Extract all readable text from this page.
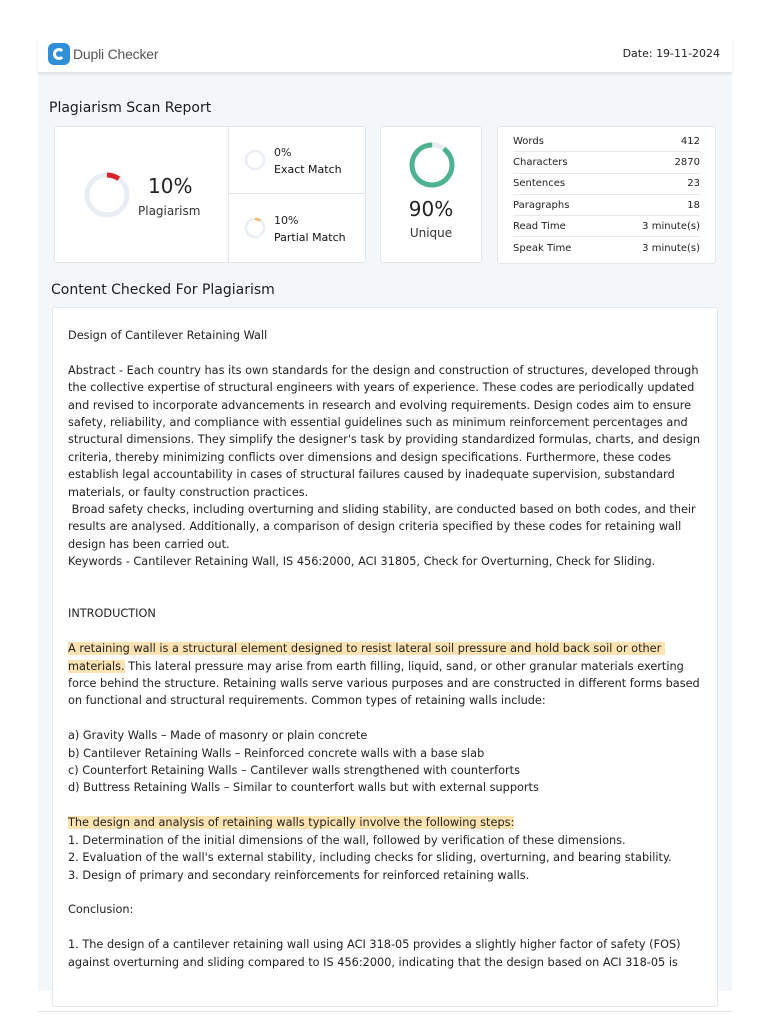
Dupli Checker	Date: 19-11-2024
Plagiarism Scan Report
10%
Plagiarism
0%
Exact Match
10%
Partial Match
90%
Unique
Words	412
Characters	2870
Sentences	23
Paragraphs	18
Read Time	3 minute(s)
Speak Time	3 minute(s)
Content Checked For Plagiarism
Design of Cantilever Retaining Wall
Abstract - Each country has its own standards for the design and construction of structures, developed through the collective expertise of structural engineers with years of experience. These codes are periodically updated and revised to incorporate advancements in research and evolving requirements. Design codes aim to ensure safety, reliability, and compliance with essential guidelines such as minimum reinforcement percentages and structural dimensions. They simplify the designer's task by providing standardized formulas, charts, and design criteria, thereby minimizing conflicts over dimensions and design specifications. Furthermore, these codes establish legal accountability in cases of structural failures caused by inadequate supervision, substandard materials, or faulty construction practices.
Broad safety checks, including overturning and sliding stability, are conducted based on both codes, and their results are analysed. Additionally, a comparison of design criteria specified by these codes for retaining wall design has been carried out.
Keywords - Cantilever Retaining Wall, IS 456:2000, ACI 31805, Check for Overturning, Check for Sliding.
INTRODUCTION
A retaining wall is a structural element designed to resist lateral soil pressure and hold back soil or other materials. This lateral pressure may arise from earth filling, liquid, sand, or other granular materials exerting force behind the structure. Retaining walls serve various purposes and are constructed in different forms based on functional and structural requirements. Common types of retaining walls include:
a) Gravity Walls – Made of masonry or plain concrete
b) Cantilever Retaining Walls – Reinforced concrete walls with a base slab
c) Counterfort Retaining Walls – Cantilever walls strengthened with counterforts
d) Buttress Retaining Walls – Similar to counterfort walls but with external supports
The design and analysis of retaining walls typically involve the following steps:
1. Determination of the initial dimensions of the wall, followed by verification of these dimensions.
2. Evaluation of the wall's external stability, including checks for sliding, overturning, and bearing stability.
3. Design of primary and secondary reinforcements for reinforced retaining walls.
Conclusion:
1. The design of a cantilever retaining wall using ACI 318-05 provides a slightly higher factor of safety (FOS) against overturning and sliding compared to IS 456:2000, indicating that the design based on ACI 318-05 is
